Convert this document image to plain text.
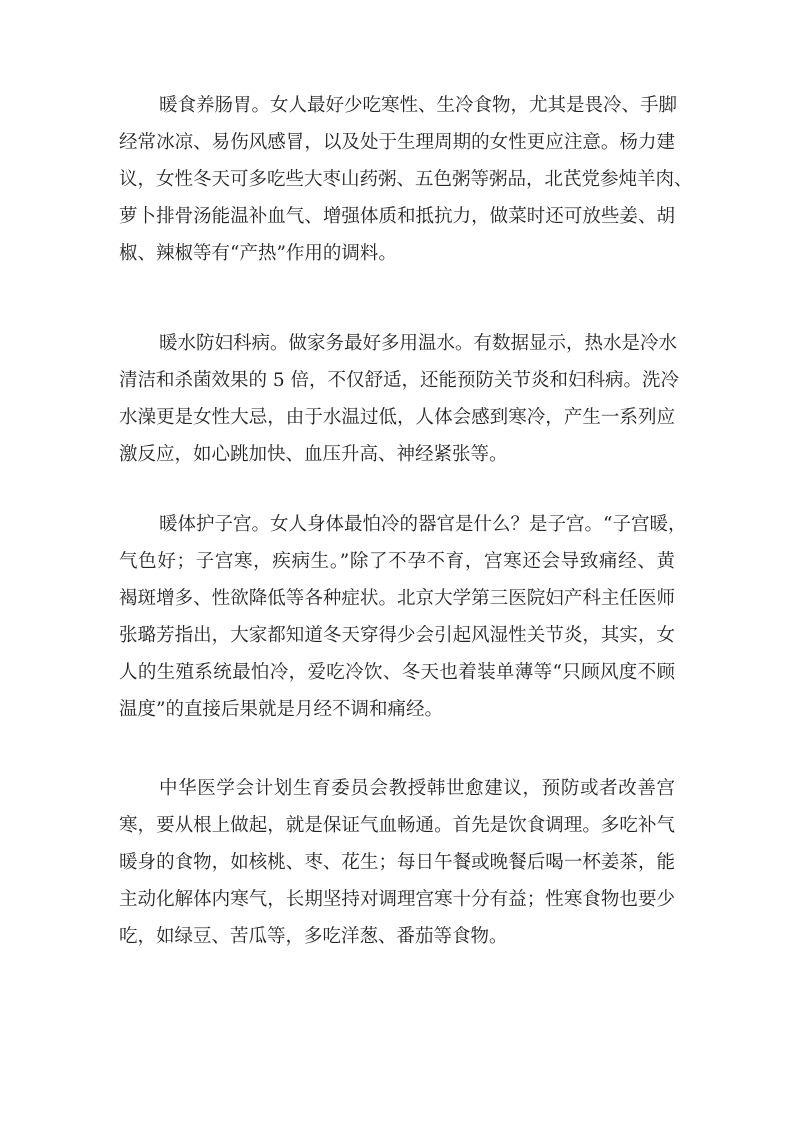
暖食养肠胃。女人最好少吃寒性、生冷食物，尤其是畏冷、手脚
经常冰凉、易伤风感冒，以及处于生理周期的女性更应注意。杨力建
议，女性冬天可多吃些大枣山药粥、五色粥等粥品，北芪党参炖羊肉、
萝卜排骨汤能温补血气、增强体质和抵抗力，做菜时还可放些姜、胡
椒、辣椒等有“产热”作用的调料。
暖水防妇科病。做家务最好多用温水。有数据显示，热水是冷水
清洁和杀菌效果的 5 倍，不仅舒适，还能预防关节炎和妇科病。洗冷
水澡更是女性大忌，由于水温过低，人体会感到寒冷，产生一系列应
激反应，如心跳加快、血压升高、神经紧张等。
暖体护子宫。女人身体最怕冷的器官是什么？是子宫。“子宫暖，
气色好；子宫寒，疾病生。”除了不孕不育，宫寒还会导致痛经、黄
褐斑增多、性欲降低等各种症状。北京大学第三医院妇产科主任医师
张璐芳指出，大家都知道冬天穿得少会引起风湿性关节炎，其实，女
人的生殖系统最怕冷，爱吃冷饮、冬天也着装单薄等“只顾风度不顾
温度”的直接后果就是月经不调和痛经。
中华医学会计划生育委员会教授韩世愈建议，预防或者改善宫
寒，要从根上做起，就是保证气血畅通。首先是饮食调理。多吃补气
暖身的食物，如核桃、枣、花生；每日午餐或晚餐后喝一杯姜茶，能
主动化解体内寒气，长期坚持对调理宫寒十分有益；性寒食物也要少
吃，如绿豆、苦瓜等，多吃洋葱、番茄等食物。
